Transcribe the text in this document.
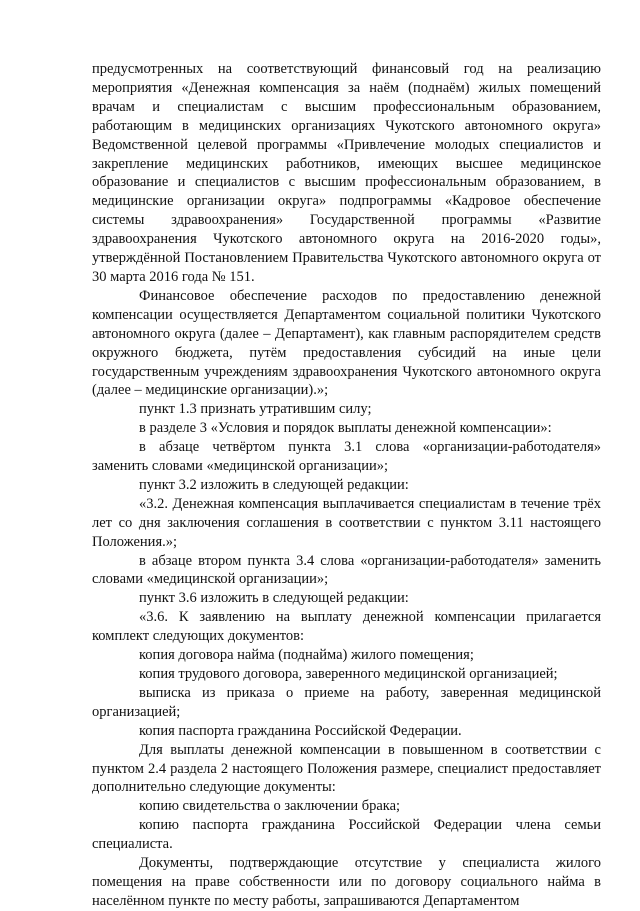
предусмотренных на соответствующий финансовый год на реализацию мероприятия «Денежная компенсация за наём (поднаём) жилых помещений врачам и специалистам с высшим профессиональным образованием, работающим в медицинских организациях Чукотского автономного округа» Ведомственной целевой программы «Привлечение молодых специалистов и закрепление медицинских работников, имеющих высшее медицинское образование и специалистов с высшим профессиональным образованием, в медицинские организации округа» подпрограммы «Кадровое обеспечение системы здравоохранения» Государственной программы «Развитие здравоохранения Чукотского автономного округа на 2016-2020 годы», утверждённой Постановлением Правительства Чукотского автономного округа от 30 марта 2016 года № 151.

Финансовое обеспечение расходов по предоставлению денежной компенсации осуществляется Департаментом социальной политики Чукотского автономного округа (далее – Департамент), как главным распорядителем средств окружного бюджета, путём предоставления субсидий на иные цели государственным учреждениям здравоохранения Чукотского автономного округа (далее – медицинские организации).»;

пункт 1.3 признать утратившим силу;

в разделе 3 «Условия и порядок выплаты денежной компенсации»:

в абзаце четвёртом пункта 3.1 слова «организации-работодателя» заменить словами «медицинской организации»;

пункт 3.2 изложить в следующей редакции:

«3.2. Денежная компенсация выплачивается специалистам в течение трёх лет со дня заключения соглашения в соответствии с пунктом 3.11 настоящего Положения.»;

в абзаце втором пункта 3.4 слова «организации-работодателя» заменить словами «медицинской организации»;

пункт 3.6 изложить в следующей редакции:

«3.6. К заявлению на выплату денежной компенсации прилагается комплект следующих документов:

копия договора найма (поднайма) жилого помещения;

копия трудового договора, заверенного медицинской организацией;

выписка из приказа о приеме на работу, заверенная медицинской организацией;

копия паспорта гражданина Российской Федерации.

Для выплаты денежной компенсации в повышенном в соответствии с пунктом 2.4 раздела 2 настоящего Положения размере, специалист предоставляет дополнительно следующие документы:

копию свидетельства о заключении брака;

копию паспорта гражданина Российской Федерации члена семьи специалиста.

Документы, подтверждающие отсутствие у специалиста жилого помещения на праве собственности или по договору социального найма в населённом пункте по месту работы, запрашиваются Департаментом
